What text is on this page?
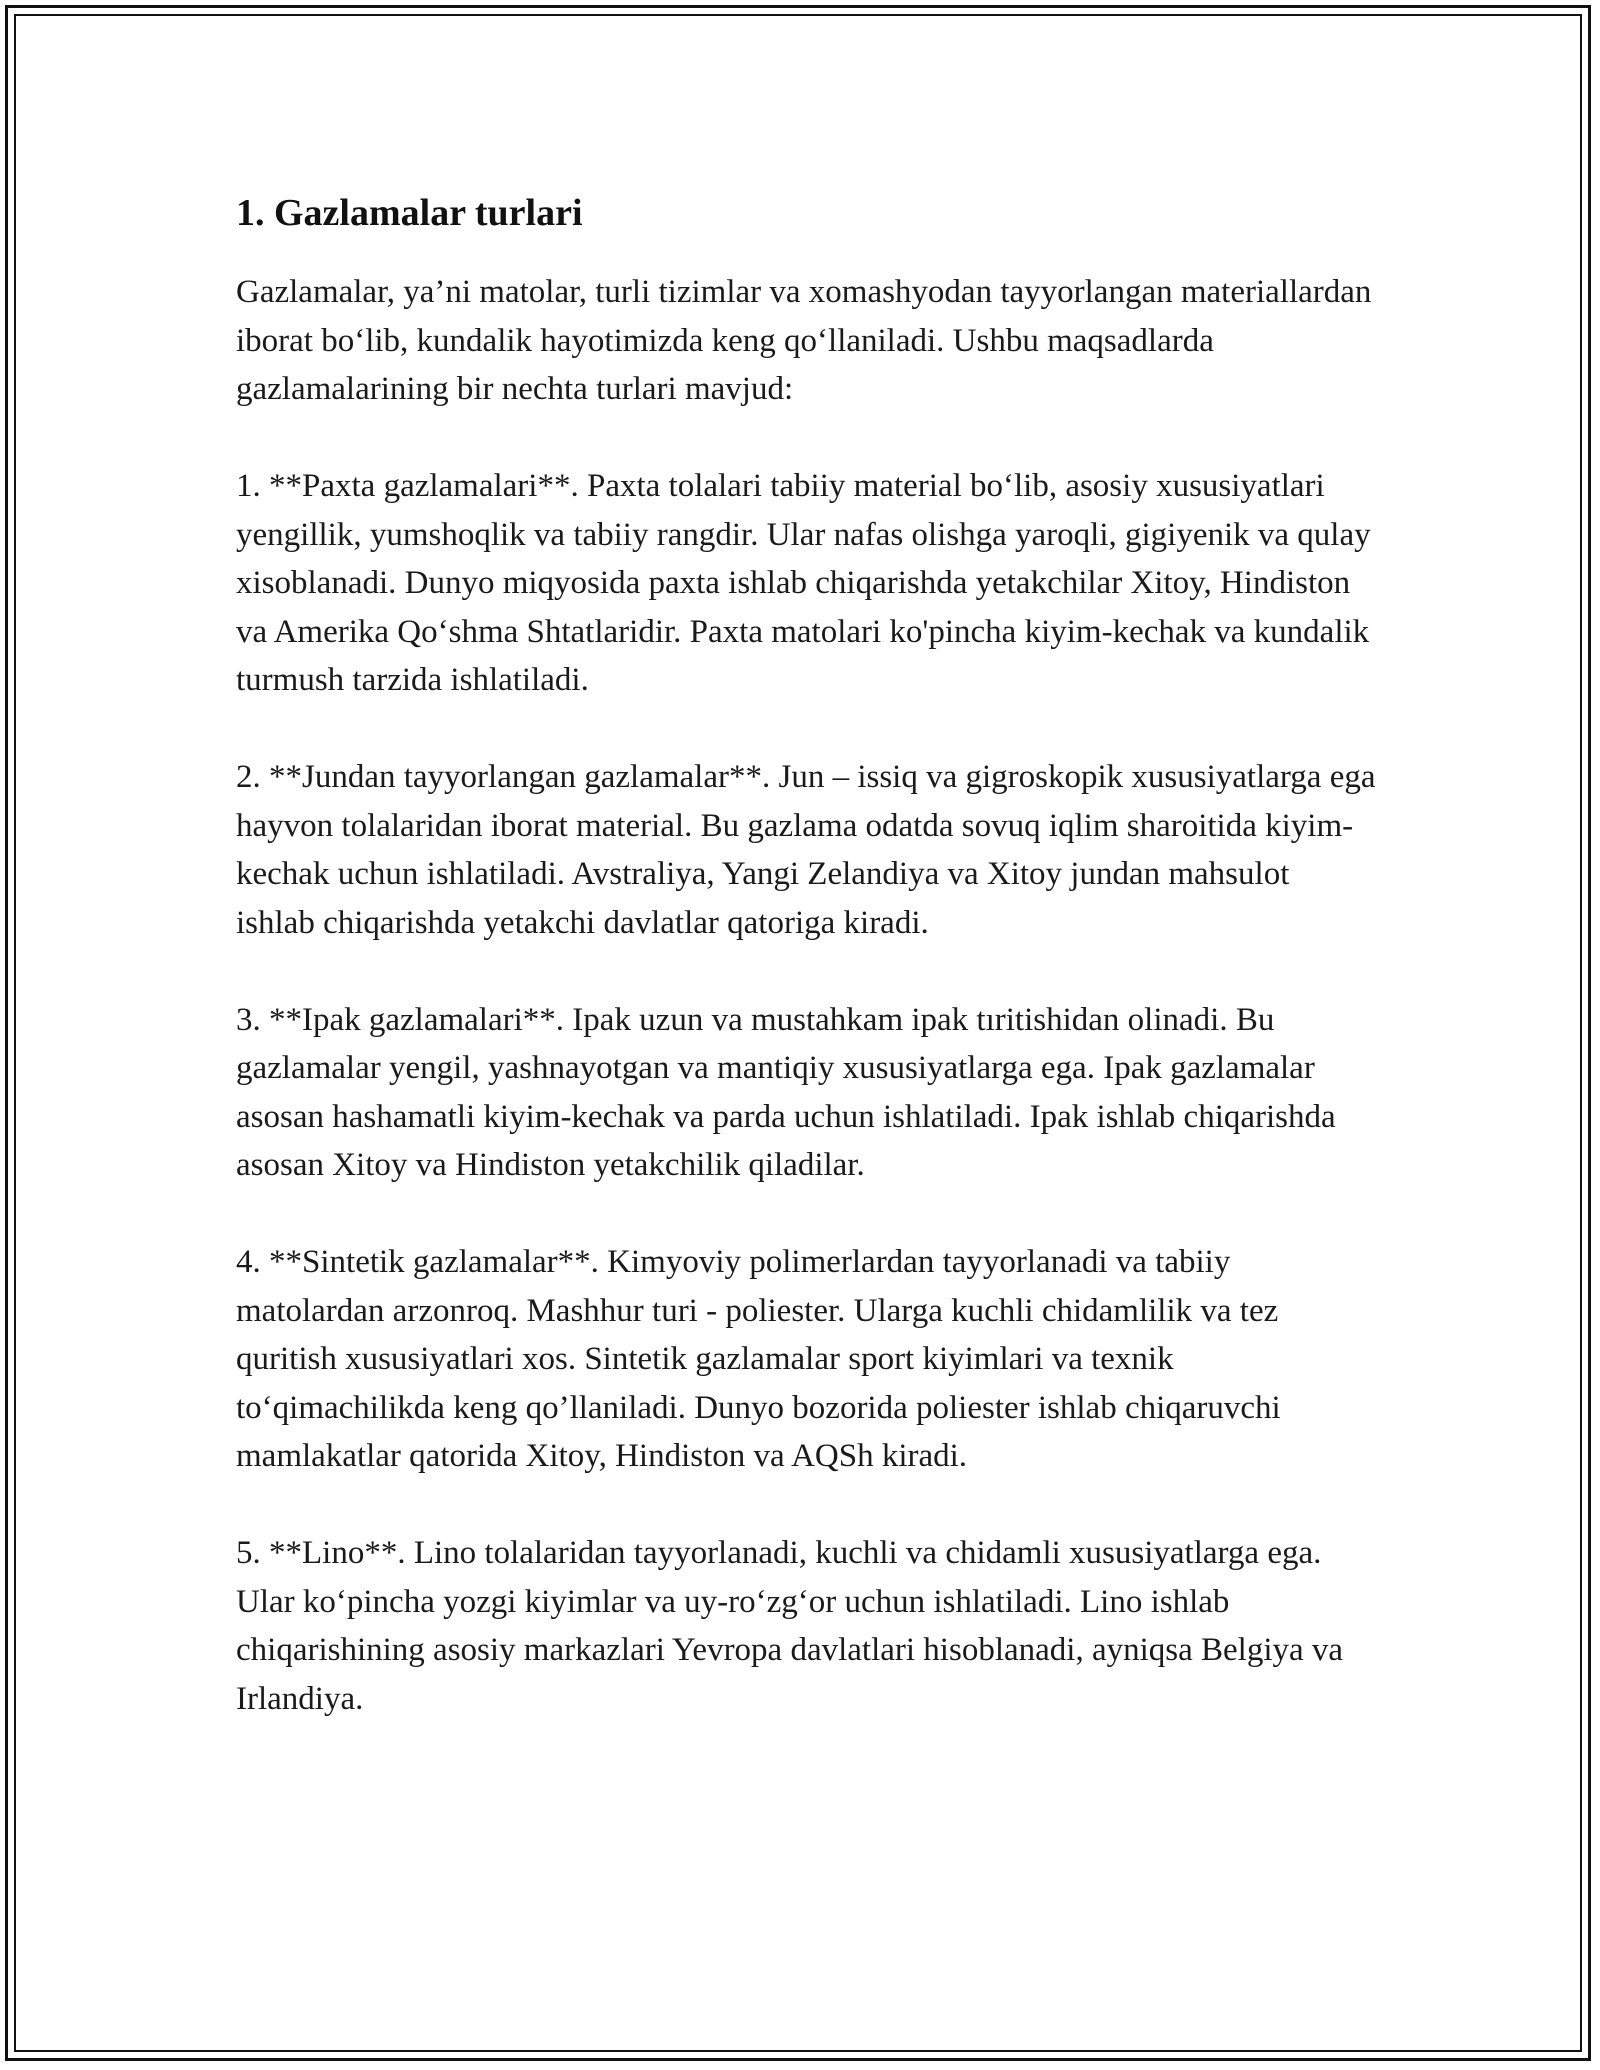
1. Gazlamalar turlari

Gazlamalar, ya’ni matolar, turli tizimlar va xomashyodan tayyorlangan materiallardan iborat bo‘lib, kundalik hayotimizda keng qo‘llaniladi. Ushbu maqsadlarda gazlamalarining bir nechta turlari mavjud:

1. **Paxta gazlamalari**. Paxta tolalari tabiiy material bo‘lib, asosiy xususiyatlari yengillik, yumshoqlik va tabiiy rangdir. Ular nafas olishga yaroqli, gigiyenik va qulay xisoblanadi. Dunyo miqyosida paxta ishlab chiqarishda yetakchilar Xitoy, Hindiston va Amerika Qo‘shma Shtatlaridir. Paxta matolari ko'pincha kiyim-kechak va kundalik turmush tarzida ishlatiladi.

2. **Jundan tayyorlangan gazlamalar**. Jun – issiq va gigroskopik xususiyatlarga ega hayvon tolalaridan iborat material. Bu gazlama odatda sovuq iqlim sharoitida kiyim-kechak uchun ishlatiladi. Avstraliya, Yangi Zelandiya va Xitoy jundan mahsulot ishlab chiqarishda yetakchi davlatlar qatoriga kiradi.

3. **Ipak gazlamalari**. Ipak uzun va mustahkam ipak tıritishidan olinadi. Bu gazlamalar yengil, yashnayotgan va mantiqiy xususiyatlarga ega. Ipak gazlamalar asosan hashamatli kiyim-kechak va parda uchun ishlatiladi. Ipak ishlab chiqarishda asosan Xitoy va Hindiston yetakchilik qiladilar.

4. **Sintetik gazlamalar**. Kimyoviy polimerlardan tayyorlanadi va tabiiy matolardan arzonroq. Mashhur turi - poliester. Ularga kuchli chidamlilik va tez quritish xususiyatlari xos. Sintetik gazlamalar sport kiyimlari va texnik to‘qimachilikda keng qo’llaniladi. Dunyo bozorida poliester ishlab chiqaruvchi mamlakatlar qatorida Xitoy, Hindiston va AQSh kiradi.

5. **Lino**. Lino tolalaridan tayyorlanadi, kuchli va chidamli xususiyatlarga ega. Ular ko‘pincha yozgi kiyimlar va uy-ro‘zg‘or uchun ishlatiladi. Lino ishlab chiqarishining asosiy markazlari Yevropa davlatlari hisoblanadi, ayniqsa Belgiya va Irlandiya.
